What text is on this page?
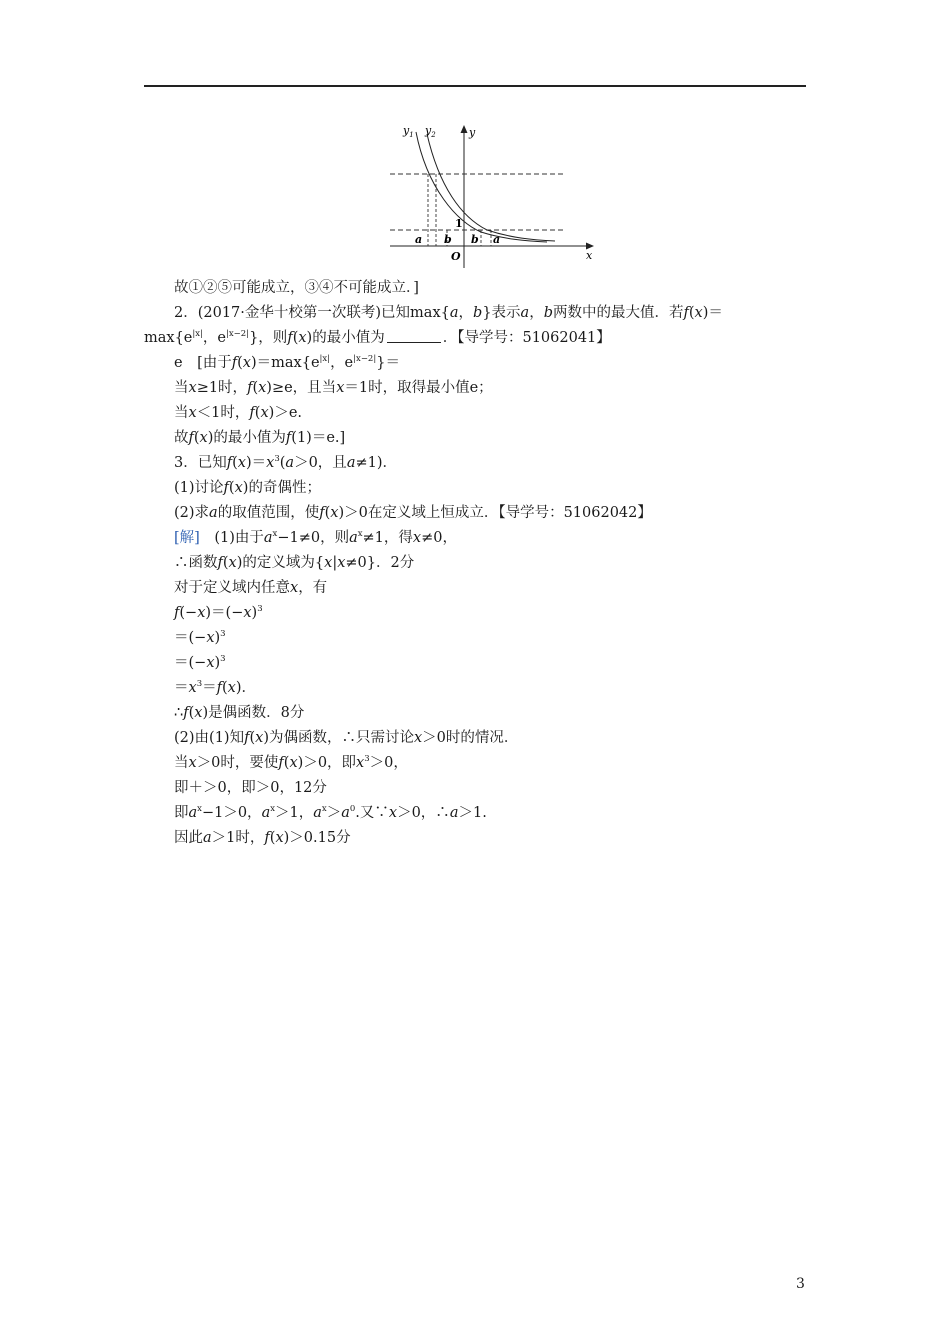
$y_1$ $y_2$	y
x
O
1
a b b a
故①②⑤可能成立，③④不可能成立．]
2．(2017·金华十校第一次联考)已知max{a，b}表示a，b两数中的最大值．若f(x)＝
$\max\{e^{|x|}$，$e^{|x-2|}$}，则f(x)的最小值为	．【导学号：51062041】
e　[由于$f(x)=\max\{e^{|x|}$，$e^{|x-2|}\}=$
当x≥1时，f(x)≥e，且当x＝1时，取得最小值e；
当x＜1时，f(x)＞e.
故f(x)的最小值为f(1)＝e.]
3．已知$f(x)=x^3(a>0$，且a≠1)．
(1)讨论f(x)的奇偶性；
(2)求a的取值范围，使f(x)＞0在定义域上恒成立．【导学号：51062042】
[解]　(1)由于$a^x-1\ne 0$，则$a^x\ne 1$，得x≠0，
∴函数f(x)的定义域为{x|x≠0}．2分
对于定义域内任意x，有
$f(-x)=(-x)^3$
$=(-x)^3$
$=(-x)^3$
$=x^3=f(x)$．
∴f(x)是偶函数．8分
(2)由(1)知f(x)为偶函数，∴只需讨论x＞0时的情况．
当x＞0时，要使f(x)＞0，即$x^3>0$，
即＋＞0，即＞0，12分
即$a^x-1>0$，$a^x>1$，$a^x>a^0$.又∵x＞0，∴a＞1.
因此a＞1时，f(x)＞0.15分
3
